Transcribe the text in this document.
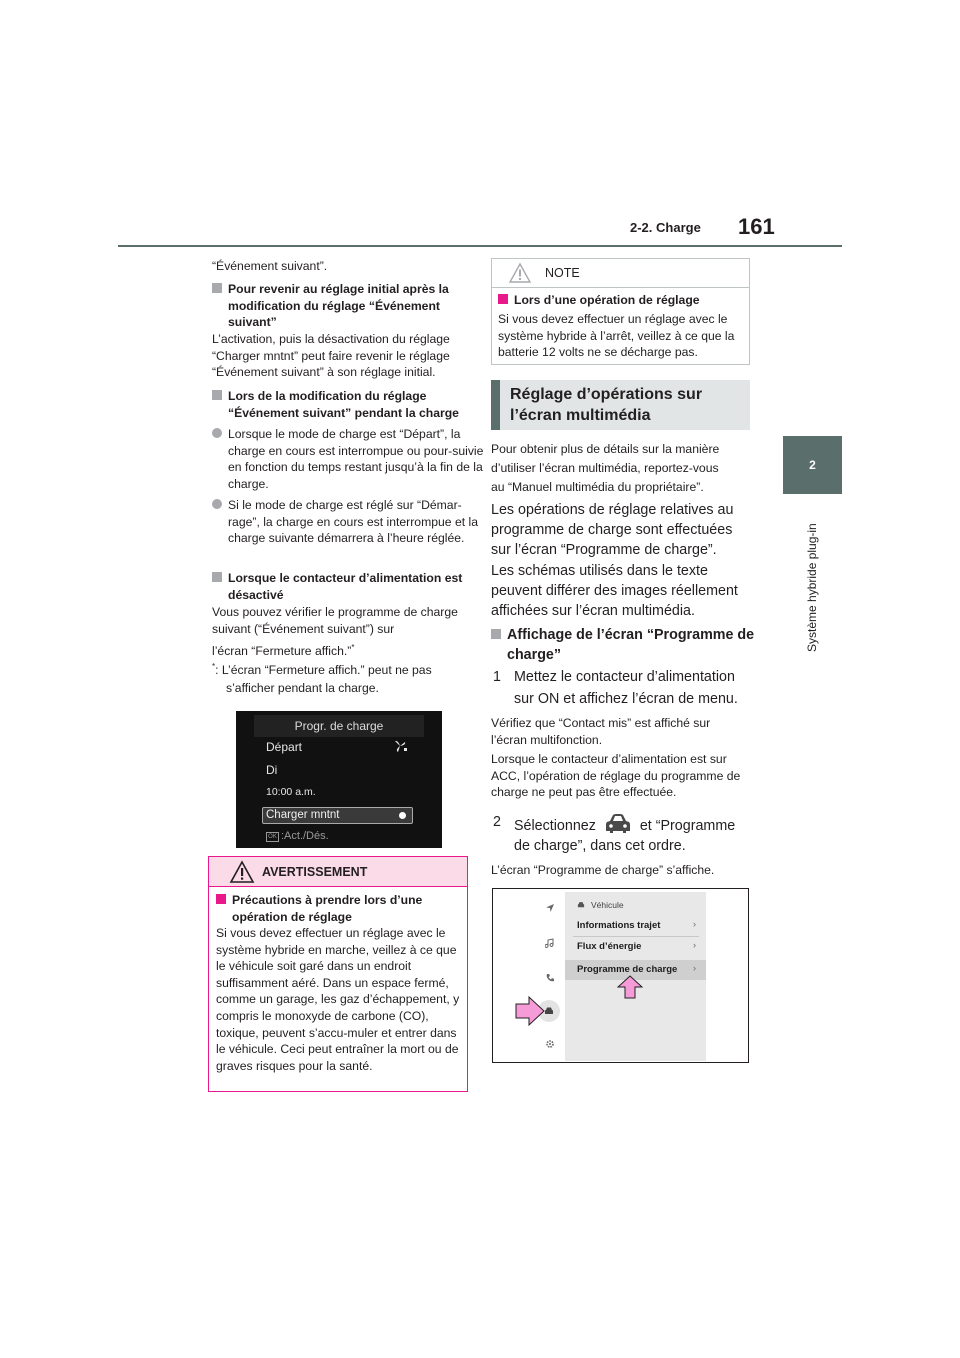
2-2. Charge 161
2
Système hybride plug-in
“Événement suivant”.
Pour revenir au réglage initial après la modification du réglage “Événement suivant”
L’activation, puis la désactivation du réglage “Charger mntnt” peut faire revenir le réglage “Événement suivant” à son réglage initial.
Lors de la modification du réglage “Événement suivant” pendant la charge
Lorsque le mode de charge est “Départ”, la charge en cours est interrompue ou pour-suivie en fonction du temps restant jusqu’à la fin de la charge.
Si le mode de charge est réglé sur “Démar-rage”, la charge en cours est interrompue et la charge suivante démarrera à l’heure réglée.
Lorsque le contacteur d’alimentation est désactivé
Vous pouvez vérifier le programme de charge suivant (“Événement suivant”) sur
l’écran “Fermeture affich.”*
*: L’écran “Fermeture affich.” peut ne pas
s’afficher pendant la charge.
Progr. de charge
Départ
Di
10:00 a.m.
Charger mntnt
OK :Act./Dés.
AVERTISSEMENT
Précautions à prendre lors d’une opération de réglage
Si vous devez effectuer un réglage avec le système hybride en marche, veillez à ce que le véhicule soit garé dans un endroit suffisamment aéré. Dans un espace fermé, comme un garage, les gaz d’échappement, y compris le monoxyde de carbone (CO), toxique, peuvent s’accu-muler et entrer dans le véhicule. Ceci peut entraîner la mort ou de graves risques pour la santé.
NOTE
Lors d’une opération de réglage
Si vous devez effectuer un réglage avec le système hybride à l’arrêt, veillez à ce que la batterie 12 volts ne se décharge pas.
Réglage d’opérations sur l’écran multimédia
Pour obtenir plus de détails sur la manière
d’utiliser l’écran multimédia, reportez-vous
au “Manuel multimédia du propriétaire”.
Les opérations de réglage relatives au programme de charge sont effectuées sur l’écran “Programme de charge”.
Les schémas utilisés dans le texte peuvent différer des images réellement affichées sur l’écran multimédia.
Affichage de l’écran “Programme de charge”
1 Mettez le contacteur d’alimentation
sur ON et affichez l’écran de menu.
Vérifiez que “Contact mis” est affiché sur l’écran multifonction.
Lorsque le contacteur d’alimentation est sur ACC, l’opération de réglage du programme de charge ne peut pas être effectuée.
2 Sélectionnez	et “Programme
de charge”, dans cet ordre.
L’écran “Programme de charge” s’affiche.
Véhicule
Informations trajet	›
Flux d’énergie	›
Programme de charge ›
